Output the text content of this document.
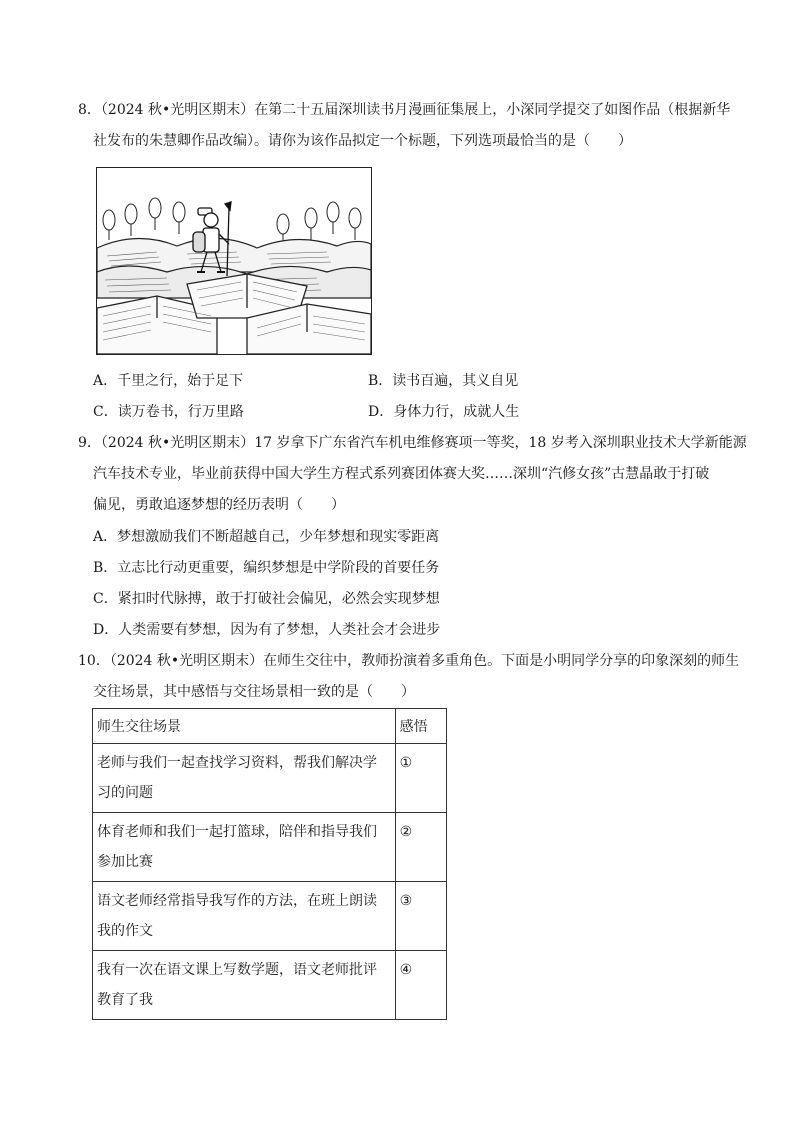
8．（2024 秋•光明区期末）在第二十五届深圳读书月漫画征集展上，小深同学提交了如图作品（根据新华
社发布的朱慧卿作品改编）。请你为该作品拟定一个标题，下列选项最恰当的是（　　）
A．千里之行，始于足下	B．读书百遍，其义自见
C．读万卷书，行万里路	D．身体力行，成就人生
9．（2024 秋•光明区期末）17 岁拿下广东省汽车机电维修赛项一等奖，18 岁考入深圳职业技术大学新能源
汽车技术专业，毕业前获得中国大学生方程式系列赛团体赛大奖……深圳“汽修女孩”古慧晶敢于打破
偏见，勇敢追逐梦想的经历表明（　　）
A．梦想激励我们不断超越自己，少年梦想和现实零距离
B．立志比行动更重要，编织梦想是中学阶段的首要任务
C．紧扣时代脉搏，敢于打破社会偏见，必然会实现梦想
D．人类需要有梦想，因为有了梦想，人类社会才会进步
10．（2024 秋•光明区期末）在师生交往中，教师扮演着多重角色。下面是小明同学分享的印象深刻的师生
交往场景，其中感悟与交往场景相一致的是（　　）
师生交往场景	感悟
老师与我们一起查找学习资料，帮我们解决学习的问题	①
体育老师和我们一起打篮球，陪伴和指导我们参加比赛	②
语文老师经常指导我写作的方法，在班上朗读我的作文	③
我有一次在语文课上写数学题，语文老师批评教育了我	④
